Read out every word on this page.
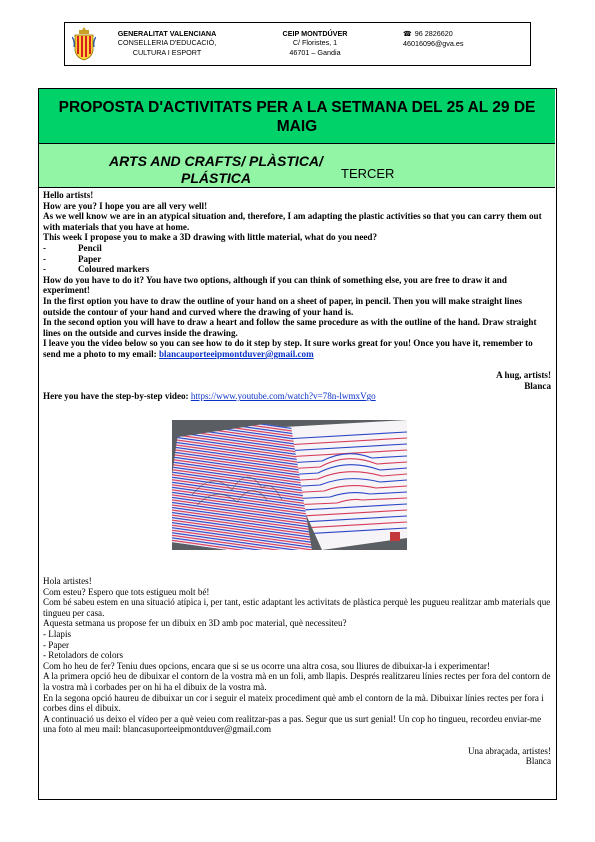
GENERALITAT VALENCIANA
CONSELLERIA D'EDUCACIÓ,
CULTURA I ESPORT
CEIP MONTDÚVER
C/ Floristes, 1
46701 – Gandia
☎ 96 2826620
46016096@gva.es
PROPOSTA D'ACTIVITATS PER A LA SETMANA DEL 25 AL 29 DE MAIG
ARTS AND CRAFTS/ PLÀSTICA/ PLÁSTICA	TERCER

Hello artists!

How are you? I hope you are all very well!

As we well know we are in an atypical situation and, therefore, I am adapting the plastic activities so that you can carry them out with materials that you have at home.

This week I propose you to make a 3D drawing with little material, what do you need?

-	Pencil
-	Paper
-	Coloured markers

How do you have to do it? You have two options, although if you can think of something else, you are free to draw it and experiment!

In the first option you have to draw the outline of your hand on a sheet of paper, in pencil. Then you will make straight lines outside the contour of your hand and curved where the drawing of your hand is.

In the second option you will have to draw a heart and follow the same procedure as with the outline of the hand. Draw straight lines on the outside and curves inside the drawing.

I leave you the video below so you can see how to do it step by step. It sure works great for you! Once you have it, remember to send me a photo to my email: blancauporteeipmontduver@gmail.com

A hug, artists!

Blanca

Here you have the step-by-step video: https://www.youtube.com/watch?v=78n-lwmxVgo

Hola artistes!

Com esteu? Espero que tots estigueu molt bé!

Com bé sabeu estem en una situació atípica i, per tant, estic adaptant les activitats de plàstica perquè les pugueu realitzar amb materials que tingueu per casa.

Aquesta setmana us propose fer un dibuix en 3D amb poc material, què necessiteu?

- Llapis

- Paper

- Retoladors de colors

Com ho heu de fer? Teniu dues opcions, encara que si se us ocorre una altra cosa, sou lliures de dibuixar-la i experimentar!

A la primera opció heu de dibuixar el contorn de la vostra mà en un foli, amb llapis. Després realitzareu línies rectes per fora del contorn de la vostra mà i corbades per on hi ha el dibuix de la vostra mà.

En la segona opció haureu de dibuixar un cor i seguir el mateix procediment què amb el contorn de la mà. Dibuixar línies rectes per fora i corbes dins el dibuix.

A continuació us deixo el vídeo per a què veieu com realitzar-pas a pas. Segur que us surt genial! Un cop ho tingueu, recordeu enviar-me una foto al meu mail: blancasuporteeipmontduver@gmail.com

Una abraçada, artistes!

Blanca
